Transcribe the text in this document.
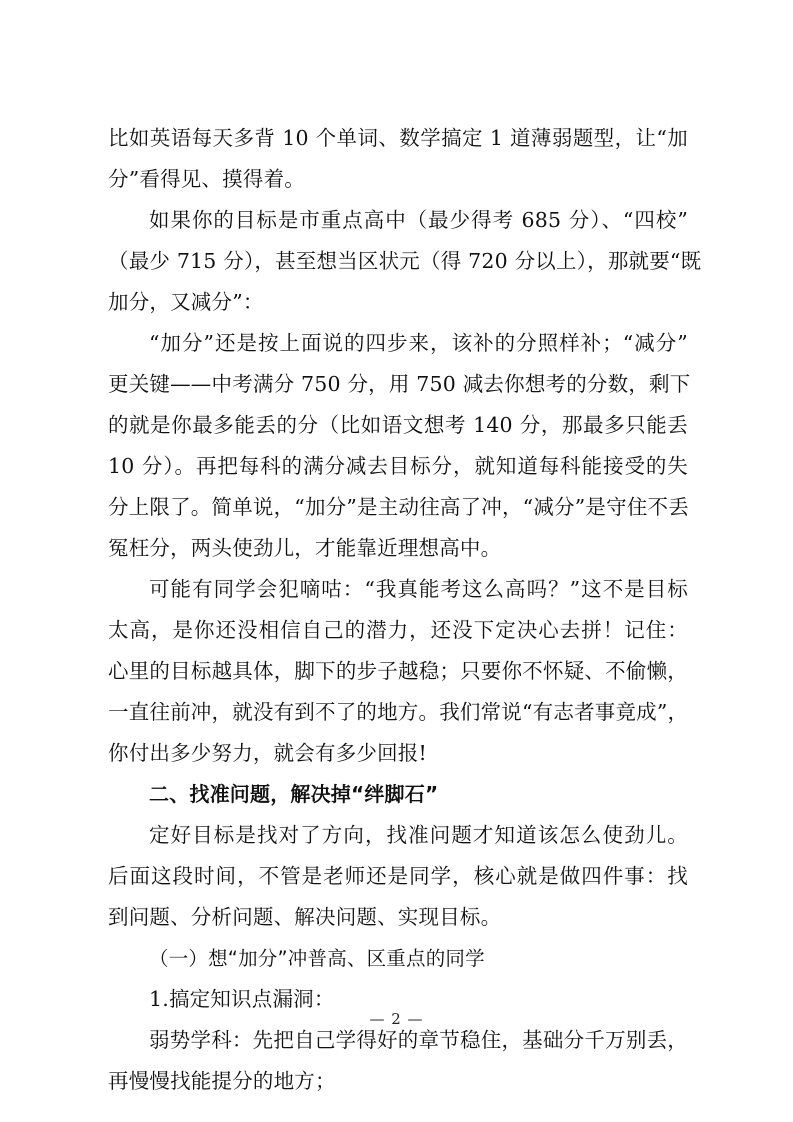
比如英语每天多背 10 个单词、数学搞定 1 道薄弱题型，让“加
分”看得见、摸得着。
如果你的目标是市重点高中（最少得考 685 分）、“四校”
（最少 715 分），甚至想当区状元（得 720 分以上），那就要“既
加分，又减分”：
“加分”还是按上面说的四步来，该补的分照样补；“减分”
更关键——中考满分 750 分，用 750 减去你想考的分数，剩下
的就是你最多能丢的分（比如语文想考 140 分，那最多只能丢
10 分）。再把每科的满分减去目标分，就知道每科能接受的失
分上限了。简单说，“加分”是主动往高了冲，“减分”是守住不丢
冤枉分，两头使劲儿，才能靠近理想高中。
可能有同学会犯嘀咕：“我真能考这么高吗？”这不是目标
太高，是你还没相信自己的潜力，还没下定决心去拼！记住：
心里的目标越具体，脚下的步子越稳；只要你不怀疑、不偷懒，
一直往前冲，就没有到不了的地方。我们常说“有志者事竟成”，
你付出多少努力，就会有多少回报!
二、找准问题，解决掉“绊脚石”
定好目标是找对了方向，找准问题才知道该怎么使劲儿。
后面这段时间，不管是老师还是同学，核心就是做四件事：找
到问题、分析问题、解决问题、实现目标。
（一）想“加分”冲普高、区重点的同学
1.搞定知识点漏洞：
弱势学科：先把自己学得好的章节稳住，基础分千万别丢，
再慢慢找能提分的地方；
— 2 —
